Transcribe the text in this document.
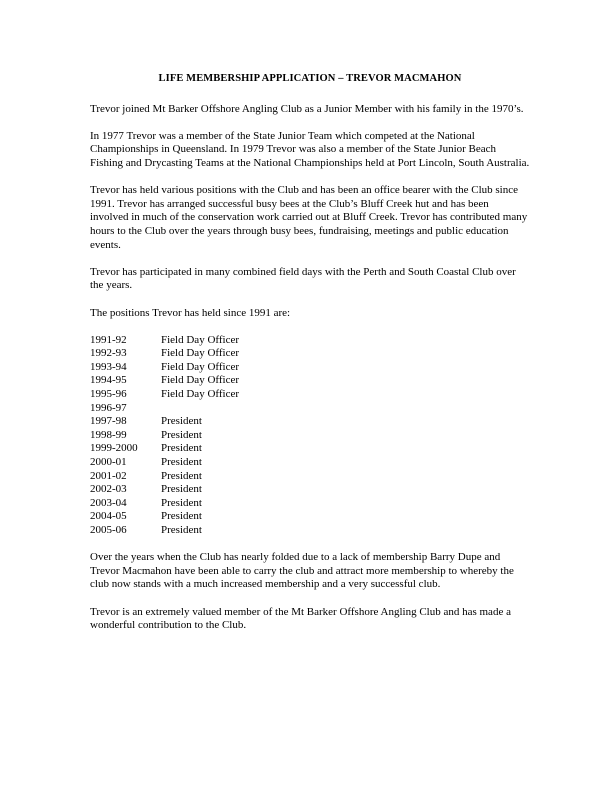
LIFE MEMBERSHIP APPLICATION – TREVOR MACMAHON

Trevor joined Mt Barker Offshore Angling Club as a Junior Member with his family in the 1970’s.

In 1977 Trevor was a member of the State Junior Team which competed at the National Championships in Queensland. In 1979 Trevor was also a member of the State Junior Beach Fishing and Drycasting Teams at the National Championships held at Port Lincoln, South Australia.

Trevor has held various positions with the Club and has been an office bearer with the Club since 1991. Trevor has arranged successful busy bees at the Club’s Bluff Creek hut and has been involved in much of the conservation work carried out at Bluff Creek. Trevor has contributed many hours to the Club over the years through busy bees, fundraising, meetings and public education events.

Trevor has participated in many combined field days with the Perth and South Coastal Club over the years.

The positions Trevor has held since 1991 are:

1991-92	Field Day Officer
1992-93	Field Day Officer
1993-94	Field Day Officer
1994-95	Field Day Officer
1995-96	Field Day Officer
1996-97
1997-98	President
1998-99	President
1999-2000	President
2000-01	President
2001-02	President
2002-03	President
2003-04	President
2004-05	President
2005-06	President

Over the years when the Club has nearly folded due to a lack of membership Barry Dupe and Trevor Macmahon have been able to carry the club and attract more membership to whereby the club now stands with a much increased membership and a very successful club.

Trevor is an extremely valued member of the Mt Barker Offshore Angling Club and has made a wonderful contribution to the Club.
